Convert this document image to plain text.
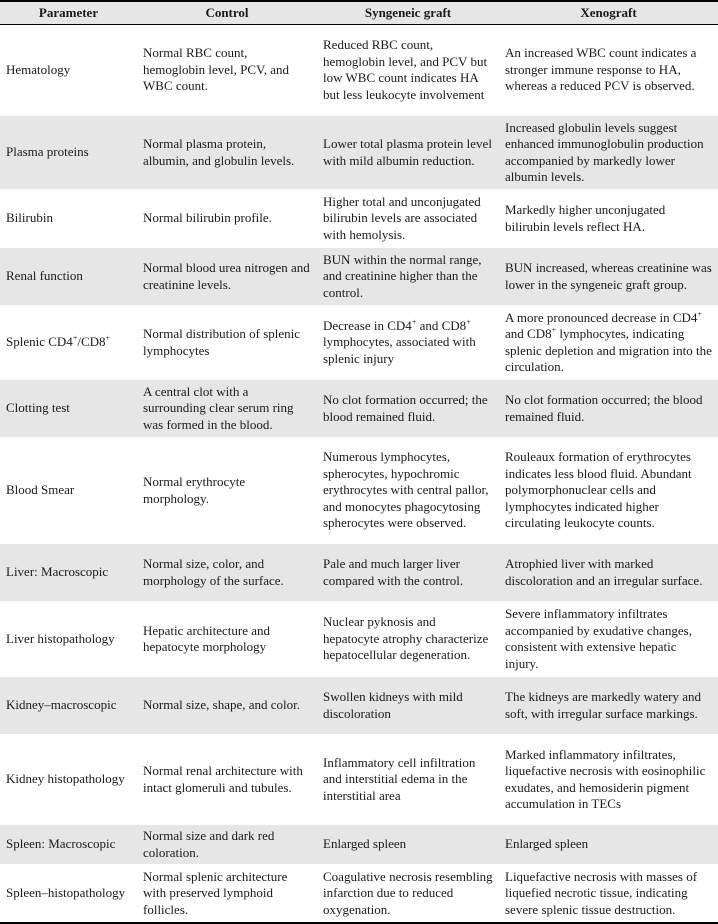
Parameter	Control	Syngeneic graft	Xenograft
Hematology	Normal RBC count, hemoglobin level, PCV, and WBC count.	Reduced RBC count, hemoglobin level, and PCV but low WBC count indicates HA but less leukocyte involvement	An increased WBC count indicates a stronger immune response to HA, whereas a reduced PCV is observed.
Plasma proteins	Normal plasma protein, albumin, and globulin levels.	Lower total plasma protein level with mild albumin reduction.	Increased globulin levels suggest enhanced immunoglobulin production accompanied by markedly lower albumin levels.
Bilirubin	Normal bilirubin profile.	Higher total and unconjugated bilirubin levels are associated with hemolysis.	Markedly higher unconjugated bilirubin levels reflect HA.
Renal function	Normal blood urea nitrogen and creatinine levels.	BUN within the normal range, and creatinine higher than the control.	BUN increased, whereas creatinine was lower in the syngeneic graft group.
Splenic CD4+/CD8+	Normal distribution of splenic lymphocytes	Decrease in CD4+ and CD8+ lymphocytes, associated with splenic injury	A more pronounced decrease in CD4+ and CD8+ lymphocytes, indicating splenic depletion and migration into the circulation.
Clotting test	A central clot with a surrounding clear serum ring was formed in the blood.	No clot formation occurred; the blood remained fluid.	No clot formation occurred; the blood remained fluid.
Blood Smear	Normal erythrocyte morphology.	Numerous lymphocytes, spherocytes, hypochromic erythrocytes with central pallor, and monocytes phagocytosing spherocytes were observed.	Rouleaux formation of erythrocytes indicates less blood fluid. Abundant polymorphonuclear cells and lymphocytes indicated higher circulating leukocyte counts.
Liver: Macroscopic	Normal size, color, and morphology of the surface.	Pale and much larger liver compared with the control.	Atrophied liver with marked discoloration and an irregular surface.
Liver histopathology	Hepatic architecture and hepatocyte morphology	Nuclear pyknosis and hepatocyte atrophy characterize hepatocellular degeneration.	Severe inflammatory infiltrates accompanied by exudative changes, consistent with extensive hepatic injury.
Kidney–macroscopic	Normal size, shape, and color.	Swollen kidneys with mild discoloration	The kidneys are markedly watery and soft, with irregular surface markings.
Kidney histopathology	Normal renal architecture with intact glomeruli and tubules.	Inflammatory cell infiltration and interstitial edema in the interstitial area	Marked inflammatory infiltrates, liquefactive necrosis with eosinophilic exudates, and hemosiderin pigment accumulation in TECs
Spleen: Macroscopic	Normal size and dark red coloration.	Enlarged spleen	Enlarged spleen
Spleen–histopathology	Normal splenic architecture with preserved lymphoid follicles.	Coagulative necrosis resembling infarction due to reduced oxygenation.	Liquefactive necrosis with masses of liquefied necrotic tissue, indicating severe splenic tissue destruction.
